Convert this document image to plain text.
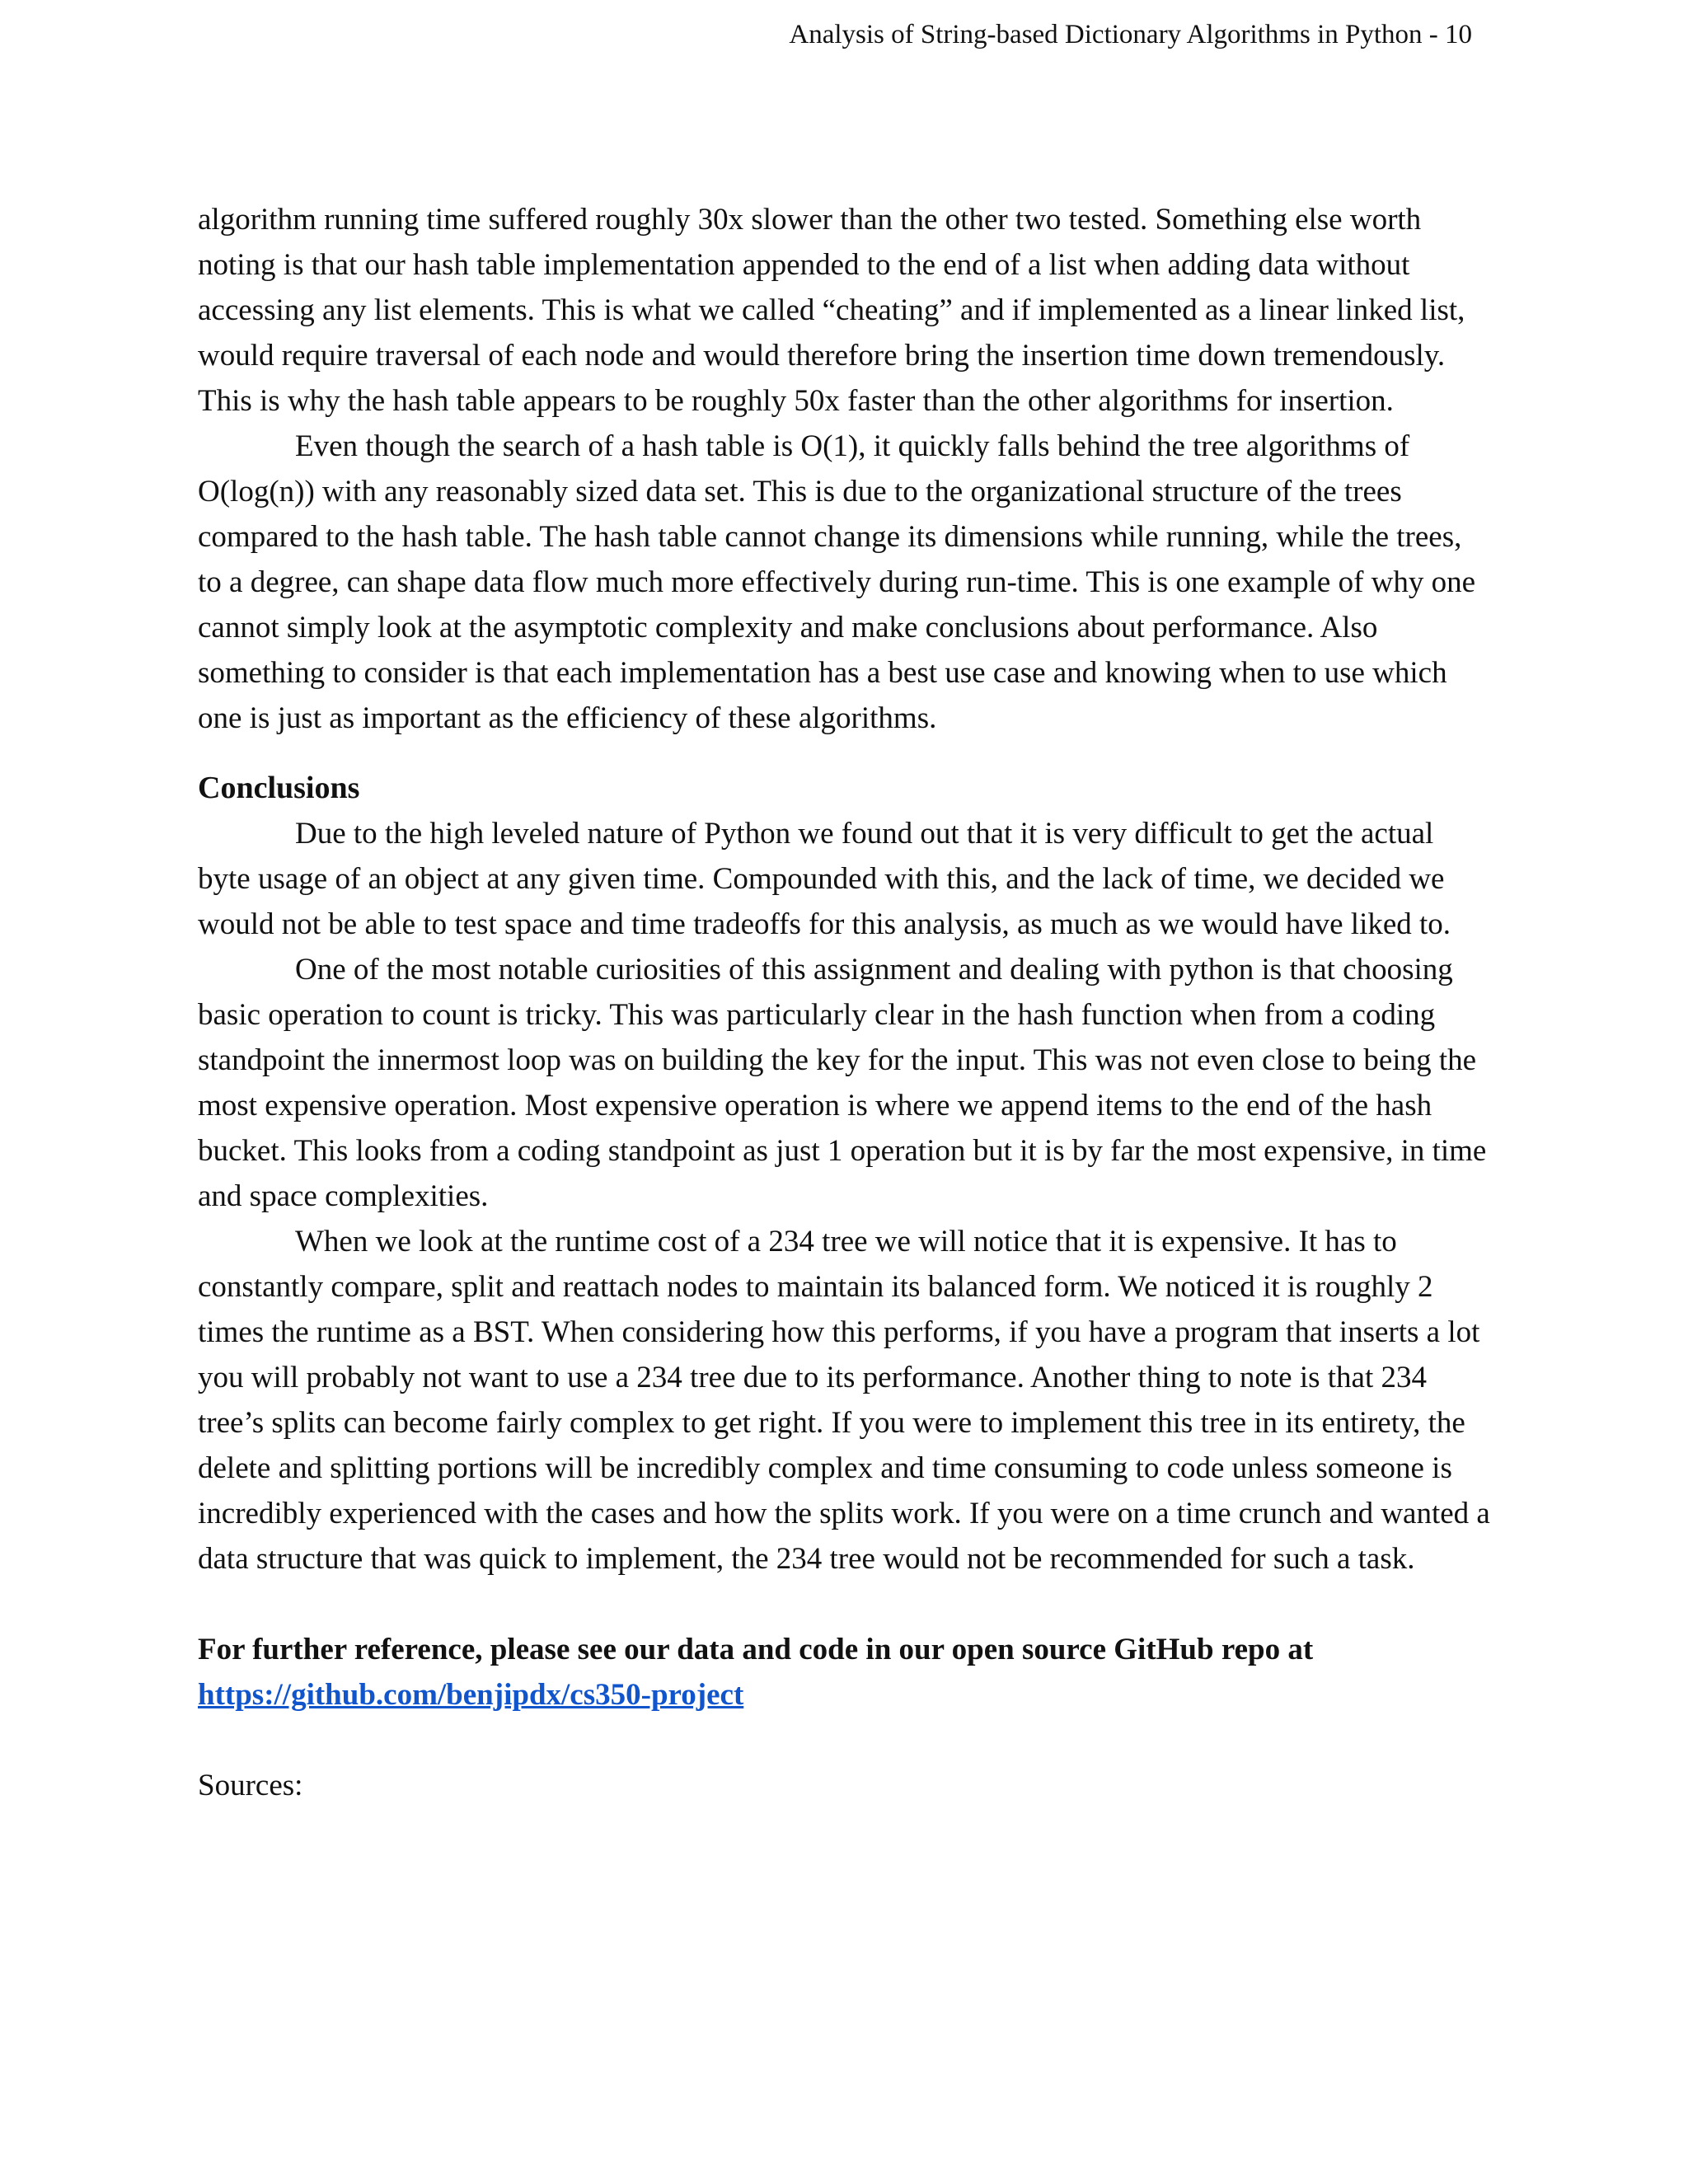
Analysis of String-based Dictionary Algorithms in Python - 10

algorithm running time suffered roughly 30x slower than the other two tested. Something else worth noting is that our hash table implementation appended to the end of a list when adding data without accessing any list elements. This is what we called “cheating” and if implemented as a linear linked list, would require traversal of each node and would therefore bring the insertion time down tremendously. This is why the hash table appears to be roughly 50x faster than the other algorithms for insertion.

Even though the search of a hash table is O(1), it quickly falls behind the tree algorithms of O(log(n)) with any reasonably sized data set. This is due to the organizational structure of the trees compared to the hash table. The hash table cannot change its dimensions while running, while the trees, to a degree, can shape data flow much more effectively during run-time. This is one example of why one cannot simply look at the asymptotic complexity and make conclusions about performance. Also something to consider is that each implementation has a best use case and knowing when to use which one is just as important as the efficiency of these algorithms.

Conclusions

Due to the high leveled nature of Python we found out that it is very difficult to get the actual byte usage of an object at any given time. Compounded with this, and the lack of time, we decided we would not be able to test space and time tradeoffs for this analysis, as much as we would have liked to.

One of the most notable curiosities of this assignment and dealing with python is that choosing basic operation to count is tricky. This was particularly clear in the hash function when from a coding standpoint the innermost loop was on building the key for the input. This was not even close to being the most expensive operation. Most expensive operation is where we append items to the end of the hash bucket. This looks from a coding standpoint as just 1 operation but it is by far the most expensive, in time and space complexities.

When we look at the runtime cost of a 234 tree we will notice that it is expensive. It has to constantly compare, split and reattach nodes to maintain its balanced form. We noticed it is roughly 2 times the runtime as a BST. When considering how this performs, if you have a program that inserts a lot you will probably not want to use a 234 tree due to its performance. Another thing to note is that 234 tree’s splits can become fairly complex to get right. If you were to implement this tree in its entirety, the delete and splitting portions will be incredibly complex and time consuming to code unless someone is incredibly experienced with the cases and how the splits work. If you were on a time crunch and wanted a data structure that was quick to implement, the 234 tree would not be recommended for such a task.

For further reference, please see our data and code in our open source GitHub repo at https://github.com/benjipdx/cs350-project

Sources:
